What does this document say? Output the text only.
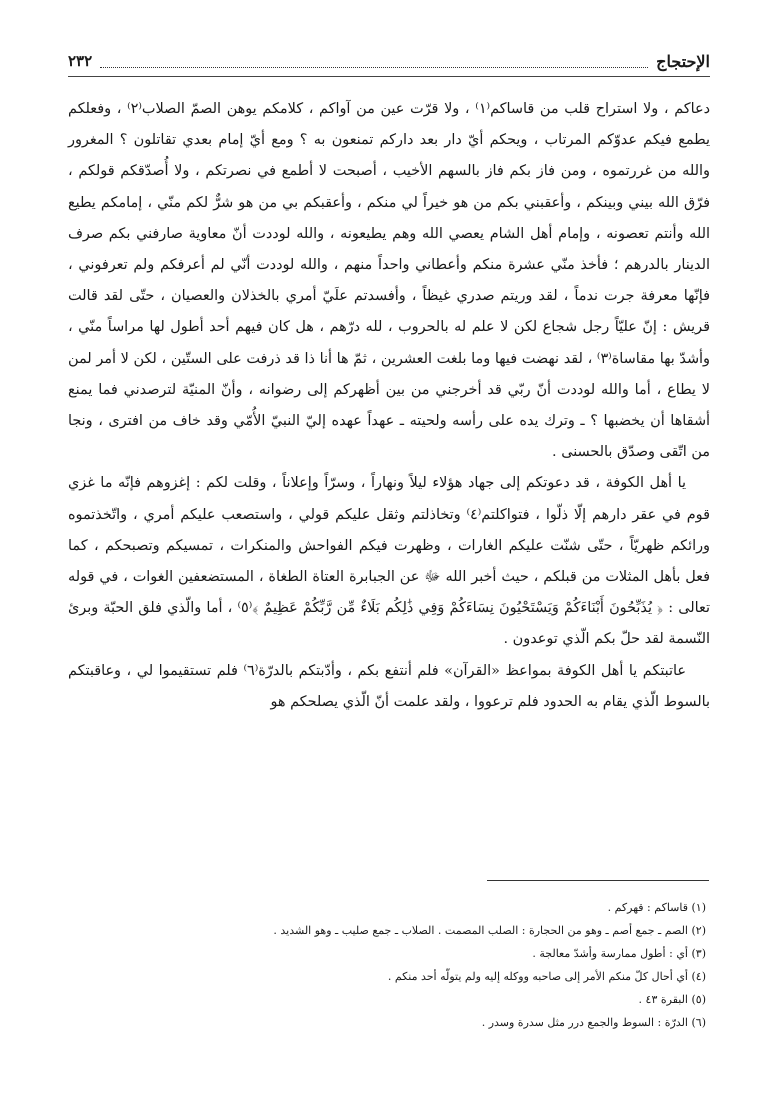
الإحتجاج
٢٣٢

دعاكم ، ولا استراح قلب من قاساكم⁽١⁾ ، ولا قرّت عين من آواكم ، كلامكم يوهن الصمّ الصلاب⁽٢⁾ ، وفعلكم يطمع فيكم عدوّكم المرتاب ، ويحكم أيّ دار بعد داركم تمنعون به ؟ ومع أيّ إمام بعدي تقاتلون ؟ المغرور والله من غررتموه ، ومن فاز بكم فاز بالسهم الأخيب ، أصبحت لا أطمع في نصرتكم ، ولا أُصدّقكم قولكم ، فرّق الله بيني وبينكم ، وأعقبني بكم من هو خيراً لي منكم ، وأعقبكم بي من هو شرٌّ لكم منّي ، إمامكم يطيع الله وأنتم تعصونه ، وإمام أهل الشام يعصي الله وهم يطيعونه ، والله لوددت أنّ معاوية صارفني بكم صرف الدينار بالدرهم ؛ فأخذ منّي عشرة منكم وأعطاني واحداً منهم ، والله لوددت أنّي لم أعرفكم ولم تعرفوني ، فإنّها معرفة جرت ندماً ، لقد وريتم صدري غيظاً ، وأفسدتم علَيّ أمري بالخذلان والعصيان ، حتّى لقد قالت قريش : إنّ عليّاً رجل شجاع لكن لا علم له بالحروب ، لله درّهم ، هل كان فيهم أحد أطول لها مراساً منّي ، وأشدّ بها مقاساة⁽٣⁾ ، لقد نهضت فيها وما بلغت العشرين ، ثمّ ها أنا ذا قد ذرفت على الستّين ، لكن لا أمر لمن لا يطاع ، أما والله لوددت أنّ ربّي قد أخرجني من بين أظهركم إلى رضوانه ، وأنّ المنيّة لترصدني فما يمنع أشقاها أن يخضبها ؟ ـ وترك يده على رأسه ولحيته ـ عهداً عهده إليّ النبيّ الأُمّي وقد خاف من افترى ، ونجا من اتّقى وصدّق بالحسنى .

يا أهل الكوفة ، قد دعوتكم إلى جهاد هؤلاء ليلاً ونهاراً ، وسرّاً وإعلاناً ، وقلت لكم : إغزوهم فإنّه ما غزي قوم في عقر دارهم إلّا ذلّوا ، فتواكلتم⁽٤⁾ وتخاذلتم وثقل عليكم قولي ، واستصعب عليكم أمري ، واتّخذتموه ورائكم ظهريّاً ، حتّى شنّت عليكم الغارات ، وظهرت فيكم الفواحش والمنكرات ، تمسيكم وتصبحكم ، كما فعل بأهل المثلات من قبلكم ، حيث أخبر الله ﷻ عن الجبابرة العتاة الطغاة ، المستضعفين الغوات ، في قوله تعالى : ﴿ يُذَبِّحُونَ أَبْنَاءَكُمْ وَيَسْتَحْيُونَ نِسَاءَكُمْ وَفِي ذَٰلِكُم بَلَاءٌ مِّن رَّبِّكُمْ عَظِيمٌ ﴾⁽٥⁾ ، أما والّذي فلق الحبّة وبرئ النّسمة لقد حلّ بكم الّذي توعدون .

عاتبتكم يا أهل الكوفة بمواعظ «القرآن» فلم أنتفع بكم ، وأدّبتكم بالدرّة⁽٦⁾ فلم تستقيموا لي ، وعاقبتكم بالسوط الّذي يقام به الحدود فلم ترعووا ، ولقد علمت أنّ الّذي يصلحكم هو

(١) قاساكم : قهركم .
(٢) الصم ـ جمع أصم ـ وهو من الحجارة : الصلب المصمت . الصلاب ـ جمع صليب ـ وهو الشديد .
(٣) أي : أطول ممارسة وأشدّ معالجة .
(٤) أي أحال كلّ منكم الأمر إلى صاحبه ووكله إليه ولم يتولّه أحد منكم .
(٥) البقرة ٤٣ .
(٦) الدرّة : السوط والجمع درر مثل سدرة وسدر .
